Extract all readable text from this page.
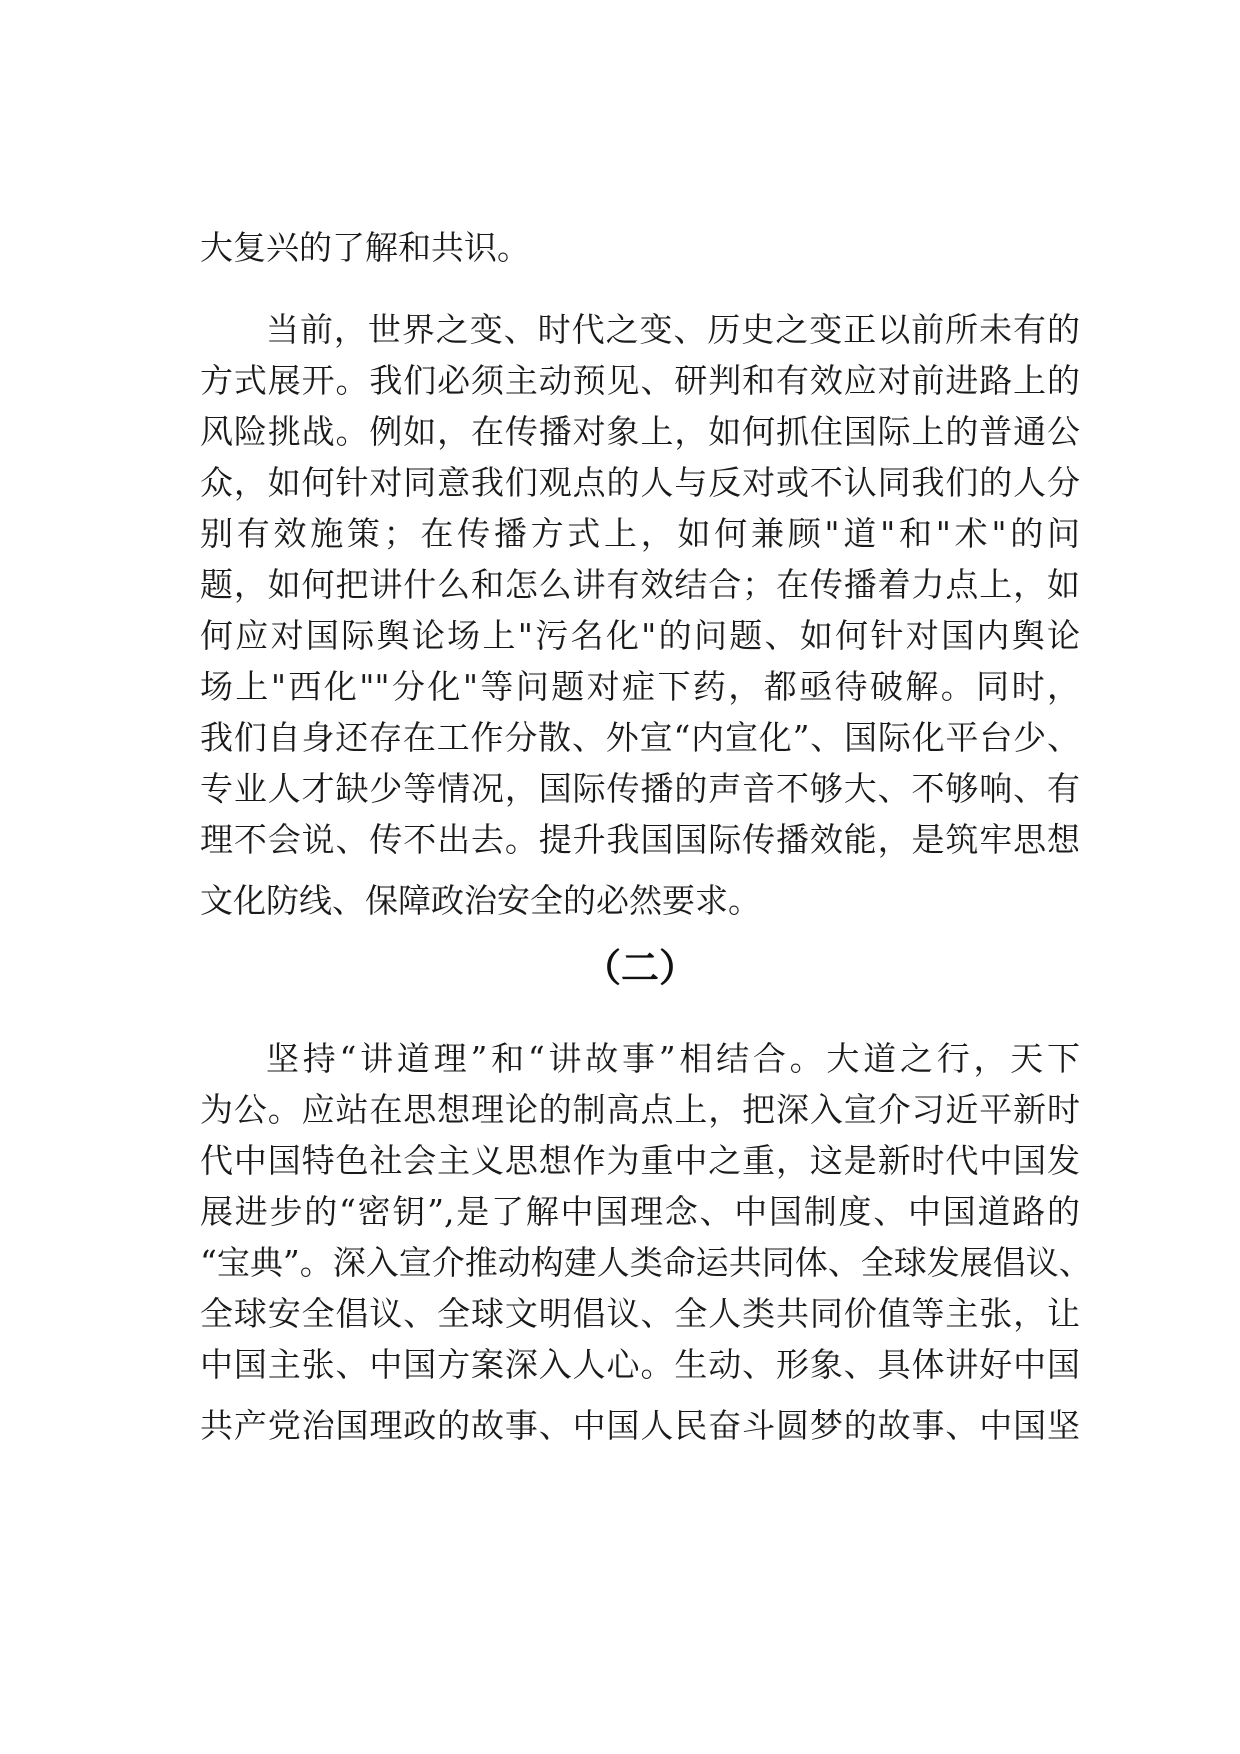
大复兴的了解和共识。
当前，世界之变、时代之变、历史之变正以前所未有的
方式展开。我们必须主动预见、研判和有效应对前进路上的
风险挑战。例如，在传播对象上，如何抓住国际上的普通公
众，如何针对同意我们观点的人与反对或不认同我们的人分
别有效施策；在传播方式上，如何兼顾"道"和"术"的问
题，如何把讲什么和怎么讲有效结合；在传播着力点上，如
何应对国际舆论场上"污名化"的问题、如何针对国内舆论
场上"西化""分化"等问题对症下药，都亟待破解。同时，
我们自身还存在工作分散、外宣“内宣化”、国际化平台少、
专业人才缺少等情况，国际传播的声音不够大、不够响、有
理不会说、传不出去。提升我国国际传播效能，是筑牢思想
文化防线、保障政治安全的必然要求。
（二）
坚持“讲道理”和“讲故事”相结合。大道之行，天下
为公。应站在思想理论的制高点上，把深入宣介习近平新时
代中国特色社会主义思想作为重中之重，这是新时代中国发
展进步的“密钥”,是了解中国理念、中国制度、中国道路的
“宝典”。深入宣介推动构建人类命运共同体、全球发展倡议、
全球安全倡议、全球文明倡议、全人类共同价值等主张，让
中国主张、中国方案深入人心。生动、形象、具体讲好中国
共产党治国理政的故事、中国人民奋斗圆梦的故事、中国坚
